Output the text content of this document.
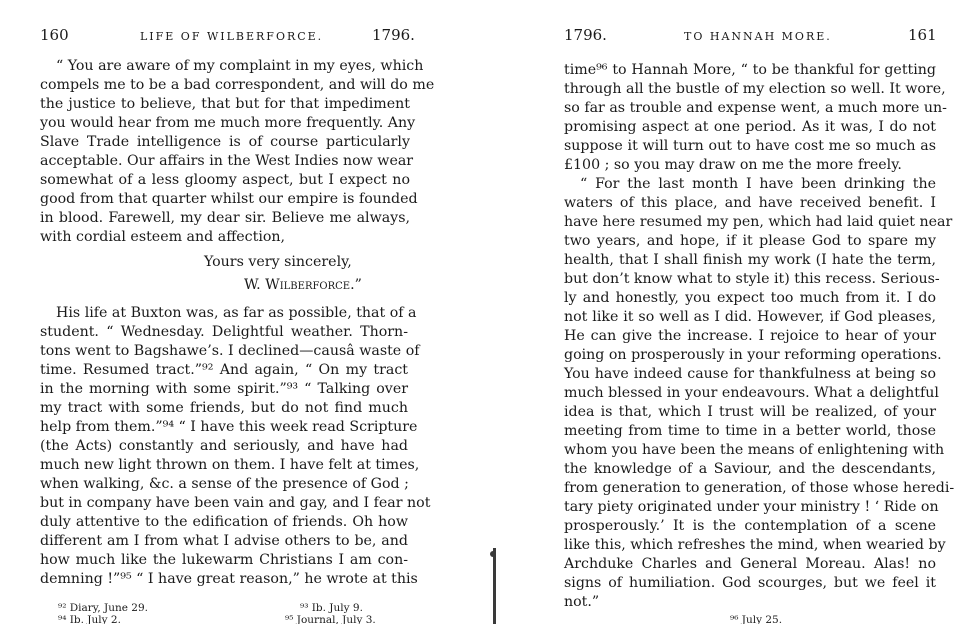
160	LIFE OF WILBERFORCE.	1796.
“ You are aware of my complaint in my eyes, which
compels me to be a bad correspondent, and will do me
the justice to believe, that but for that impediment
you would hear from me much more frequently. Any
Slave Trade intelligence is of course particularly
acceptable. Our affairs in the West Indies now wear
somewhat of a less gloomy aspect, but I expect no
good from that quarter whilst our empire is founded
in blood. Farewell, my dear sir. Believe me always,
with cordial esteem and affection,
Yours very sincerely,
W. Wilberforce.”
His life at Buxton was, as far as possible, that of a
student. “ Wednesday. Delightful weather. Thorn-
tons went to Bagshawe’s. I declined—causâ waste of
time. Resumed tract.”⁹² And again, “ On my tract
in the morning with some spirit.”⁹³ “ Talking over
my tract with some friends, but do not find much
help from them.”⁹⁴ “ I have this week read Scripture
(the Acts) constantly and seriously, and have had
much new light thrown on them. I have felt at times,
when walking, &c. a sense of the presence of God ;
but in company have been vain and gay, and I fear not
duly attentive to the edification of friends. Oh how
different am I from what I advise others to be, and
how much like the lukewarm Christians I am con-
demning !”⁹⁵ “ I have great reason,” he wrote at this
⁹² Diary, June 29.	⁹³ Ib. July 9.
⁹⁴ Ib. July 2.	⁹⁵ Journal, July 3.
1796.	TO HANNAH MORE.	161
time⁹⁶ to Hannah More, “ to be thankful for getting
through all the bustle of my election so well. It wore,
so far as trouble and expense went, a much more un-
promising aspect at one period. As it was, I do not
suppose it will turn out to have cost me so much as
£100 ; so you may draw on me the more freely.
“ For the last month I have been drinking the
waters of this place, and have received benefit. I
have here resumed my pen, which had laid quiet near
two years, and hope, if it please God to spare my
health, that I shall finish my work (I hate the term,
but don’t know what to style it) this recess. Serious-
ly and honestly, you expect too much from it. I do
not like it so well as I did. However, if God pleases,
He can give the increase. I rejoice to hear of your
going on prosperously in your reforming operations.
You have indeed cause for thankfulness at being so
much blessed in your endeavours. What a delightful
idea is that, which I trust will be realized, of your
meeting from time to time in a better world, those
whom you have been the means of enlightening with
the knowledge of a Saviour, and the descendants,
from generation to generation, of those whose heredi-
tary piety originated under your ministry ! ‘ Ride on
prosperously.’ It is the contemplation of a scene
like this, which refreshes the mind, when wearied by
Archduke Charles and General Moreau. Alas! no
signs of humiliation. God scourges, but we feel it
not.”
⁹⁶ July 25.
